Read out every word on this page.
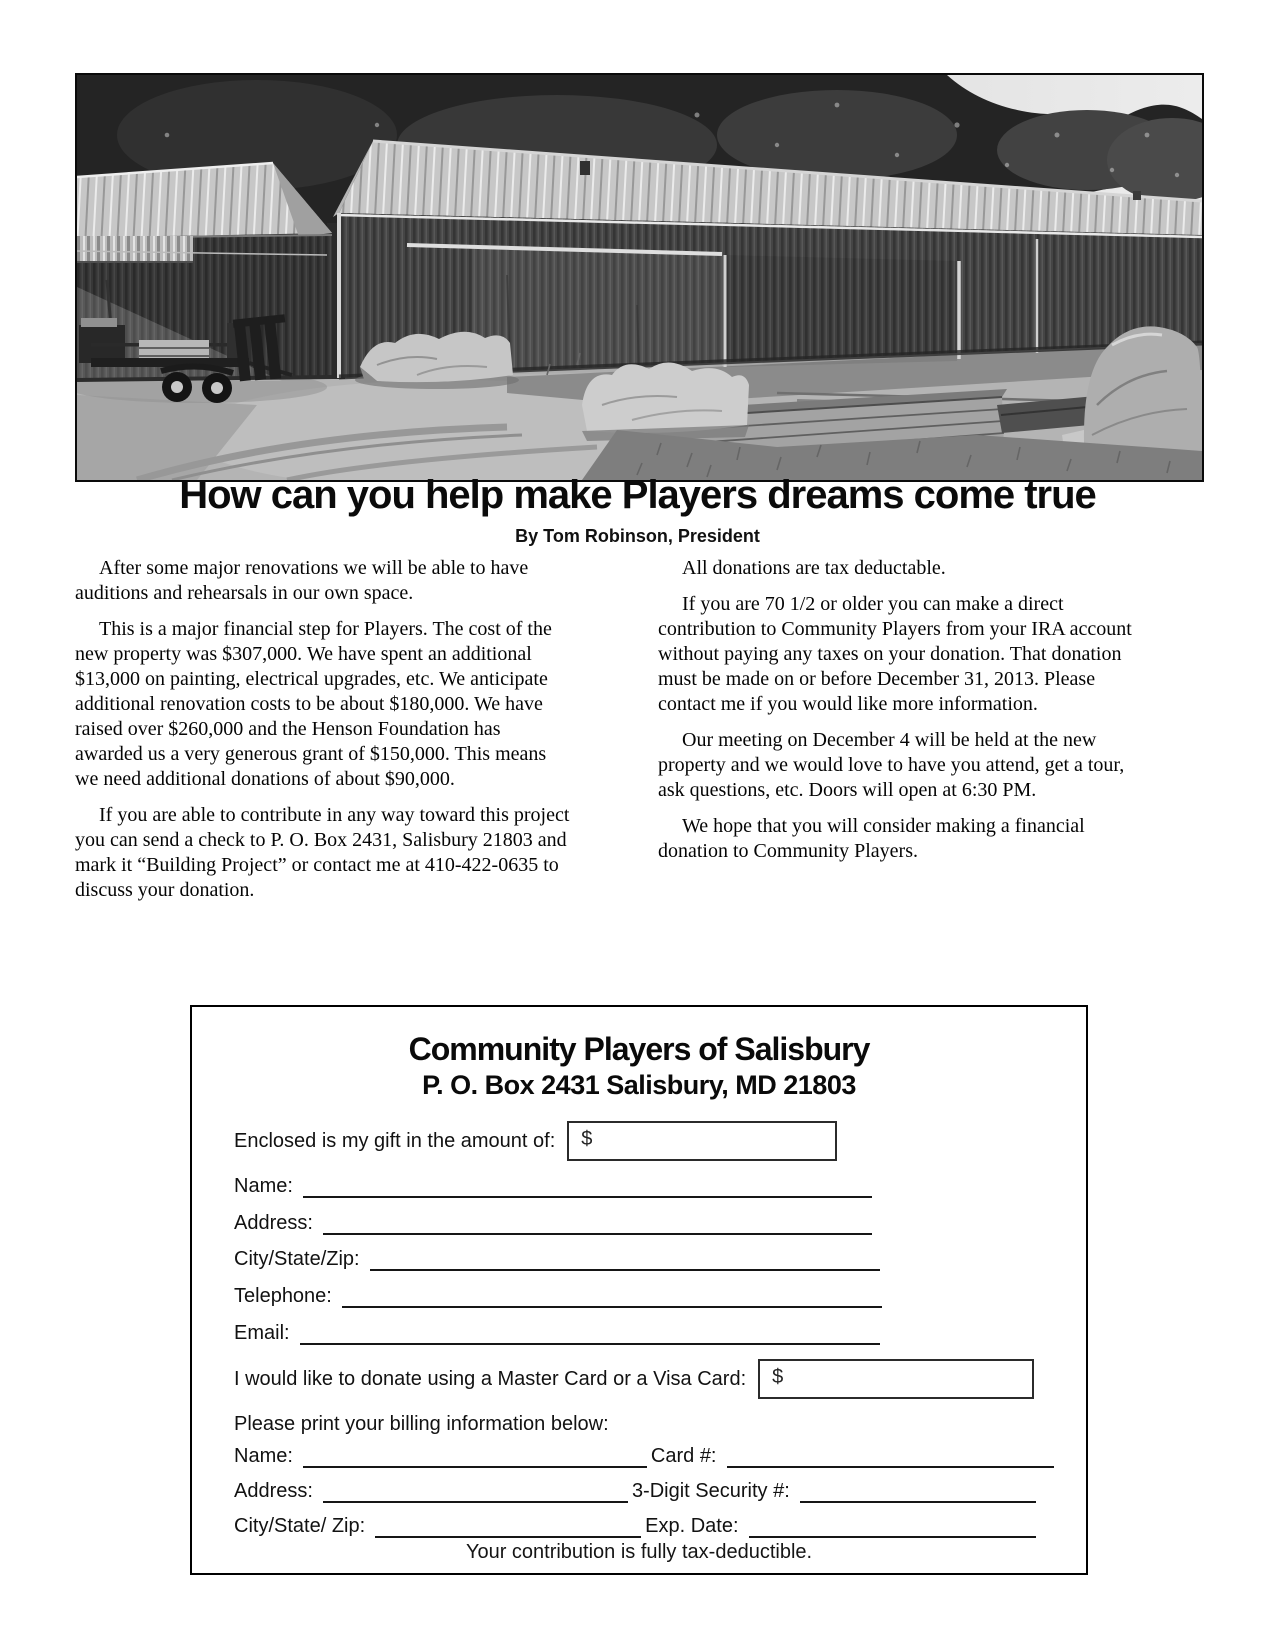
How can you help make Players dreams come true
By Tom Robinson, President

After some major renovations we will be able to have auditions and rehearsals in our own space.

This is a major financial step for Players. The cost of the new property was $307,000. We have spent an additional $13,000 on painting, electrical upgrades, etc. We anticipate additional renovation costs to be about $180,000. We have raised over $260,000 and the Henson Foundation has awarded us a very generous grant of $150,000. This means we need additional donations of about $90,000.

If you are able to contribute in any way toward this project you can send a check to P. O. Box 2431, Salisbury 21803 and mark it “Building Project” or contact me at 410-422-0635 to discuss your donation.

All donations are tax deductable.

If you are 70 1/2 or older you can make a direct contribution to Community Players from your IRA account without paying any taxes on your donation. That donation must be made on or before December 31, 2013. Please contact me if you would like more information.

Our meeting on December 4 will be held at the new property and we would love to have you attend, get a tour, ask questions, etc. Doors will open at 6:30 PM.

We hope that you will consider making a financial donation to Community Players.

Community Players of Salisbury
P. O. Box 2431 Salisbury, MD 21803
Enclosed is my gift in the amount of:	$
Name:
Address:
City/State/Zip:
Telephone:
Email:
I would like to donate using a Master Card or a Visa Card:	$
Please print your billing information below:
Name:	Card #:
Address:	3-Digit Security #:
City/State/ Zip:	Exp. Date:
Your contribution is fully tax-deductible.
